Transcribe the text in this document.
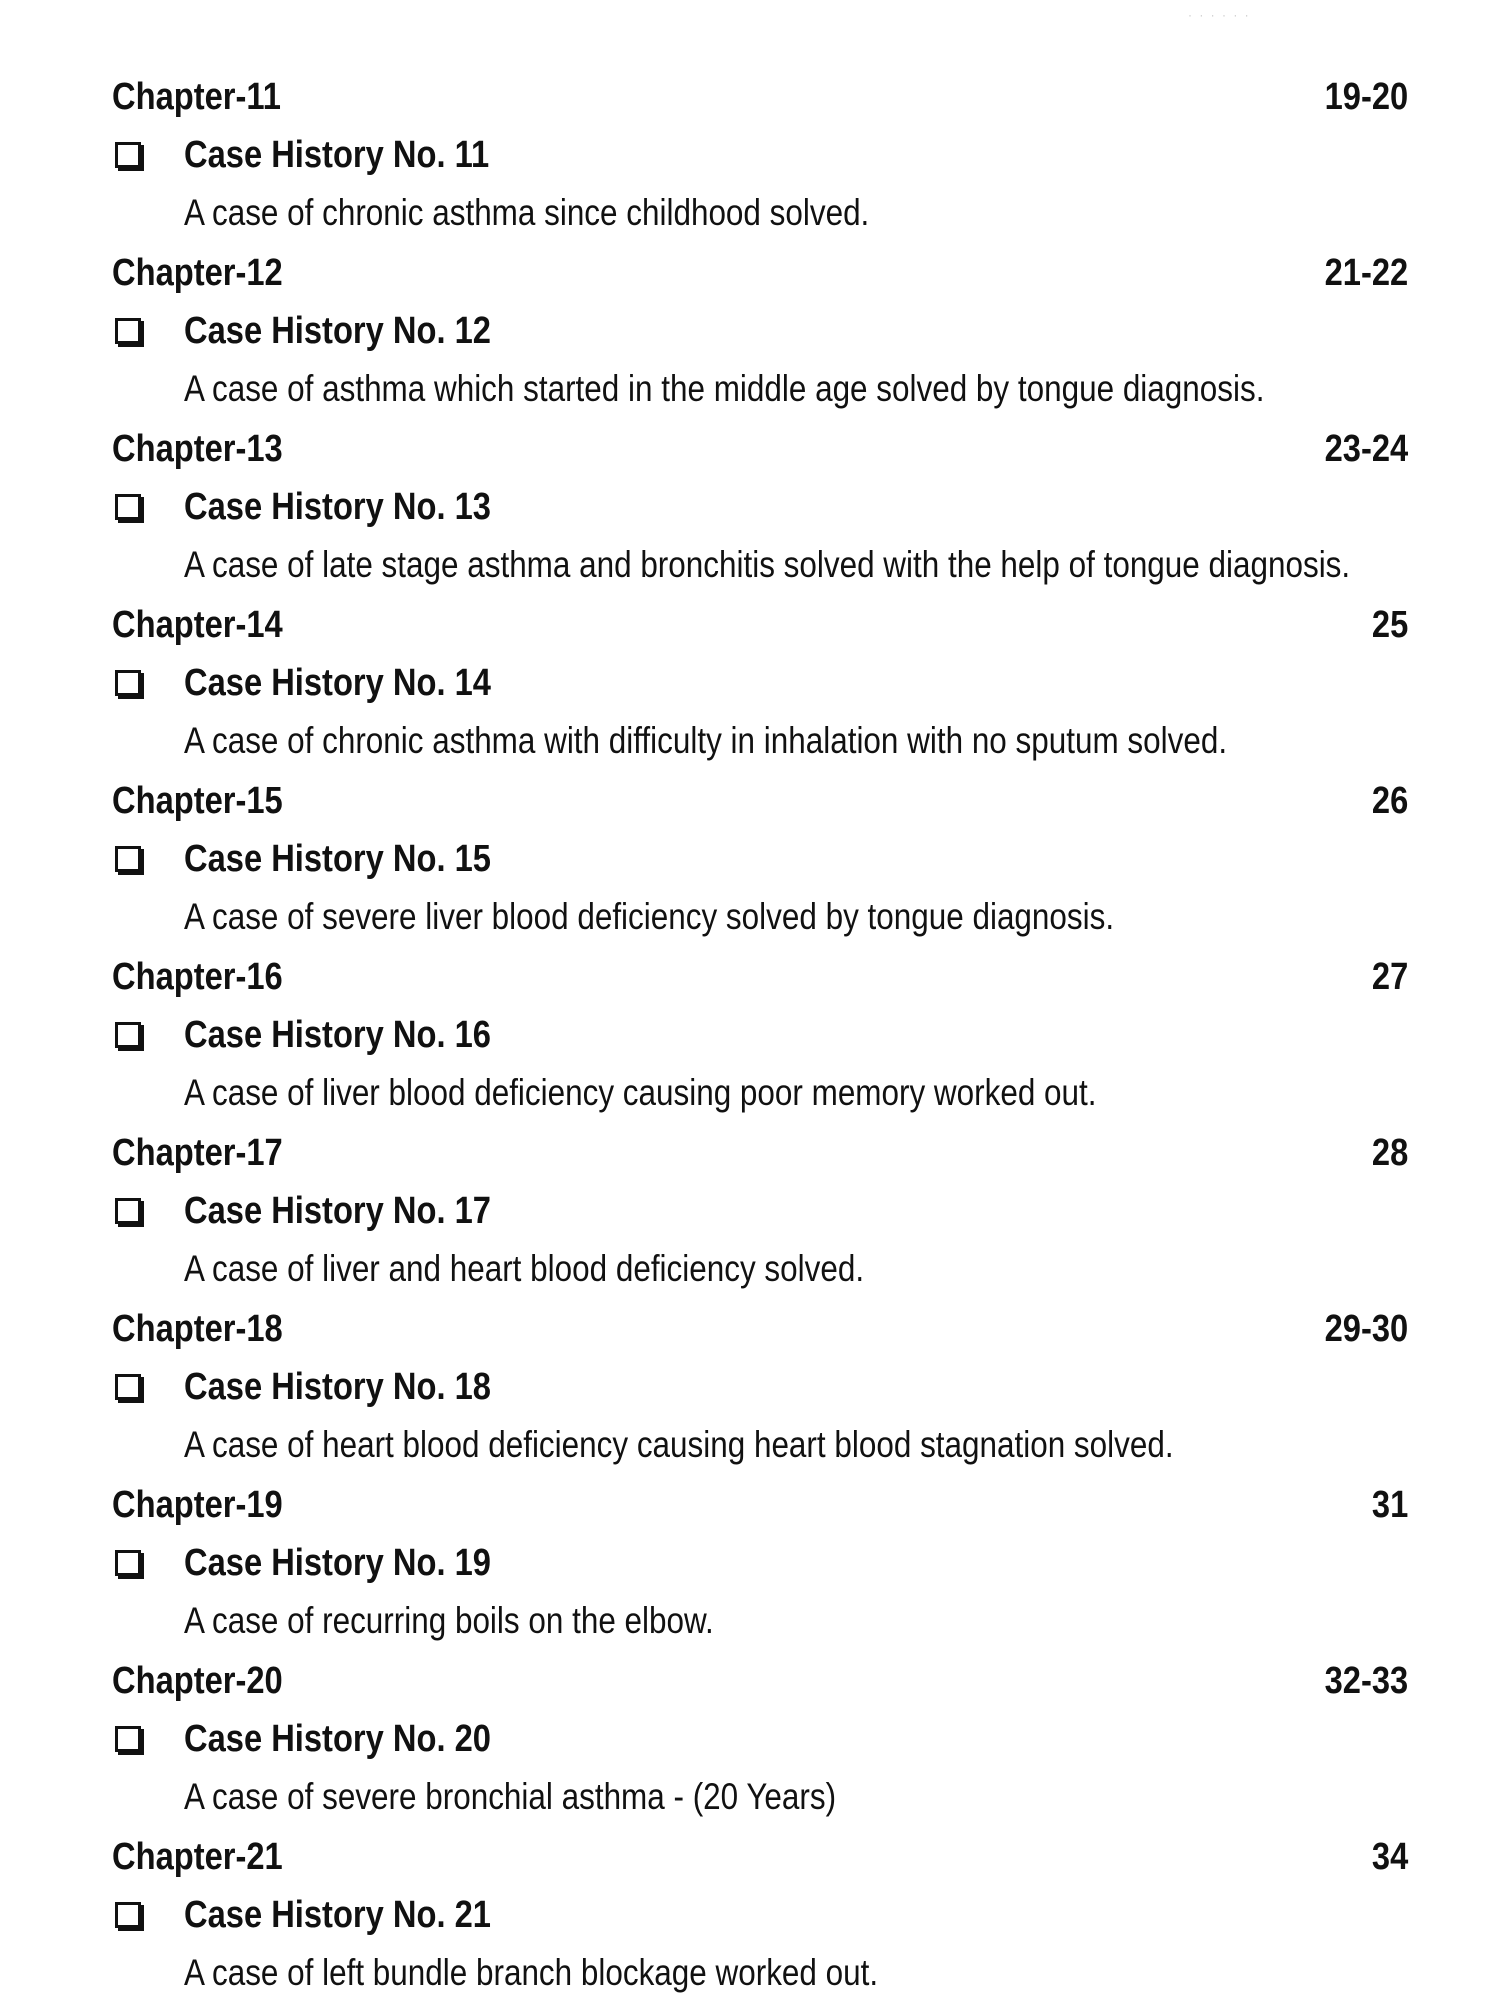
· · · · · ·
Chapter-11	19-20
Case History No. 11
A case of chronic asthma since childhood solved.
Chapter-12	21-22
Case History No. 12
A case of asthma which started in the middle age solved by tongue diagnosis.
Chapter-13	23-24
Case History No. 13
A case of late stage asthma and bronchitis solved with the help of tongue diagnosis.
Chapter-14	25
Case History No. 14
A case of chronic asthma with difficulty in inhalation with no sputum solved.
Chapter-15	26
Case History No. 15
A case of severe liver blood deficiency solved by tongue diagnosis.
Chapter-16	27
Case History No. 16
A case of liver blood deficiency causing poor memory worked out.
Chapter-17	28
Case History No. 17
A case of liver and heart blood deficiency solved.
Chapter-18	29-30
Case History No. 18
A case of heart blood deficiency causing heart blood stagnation solved.
Chapter-19	31
Case History No. 19
A case of recurring boils on the elbow.
Chapter-20	32-33
Case History No. 20
A case of severe bronchial asthma - (20 Years)
Chapter-21	34
Case History No. 21
A case of left bundle branch blockage worked out.
